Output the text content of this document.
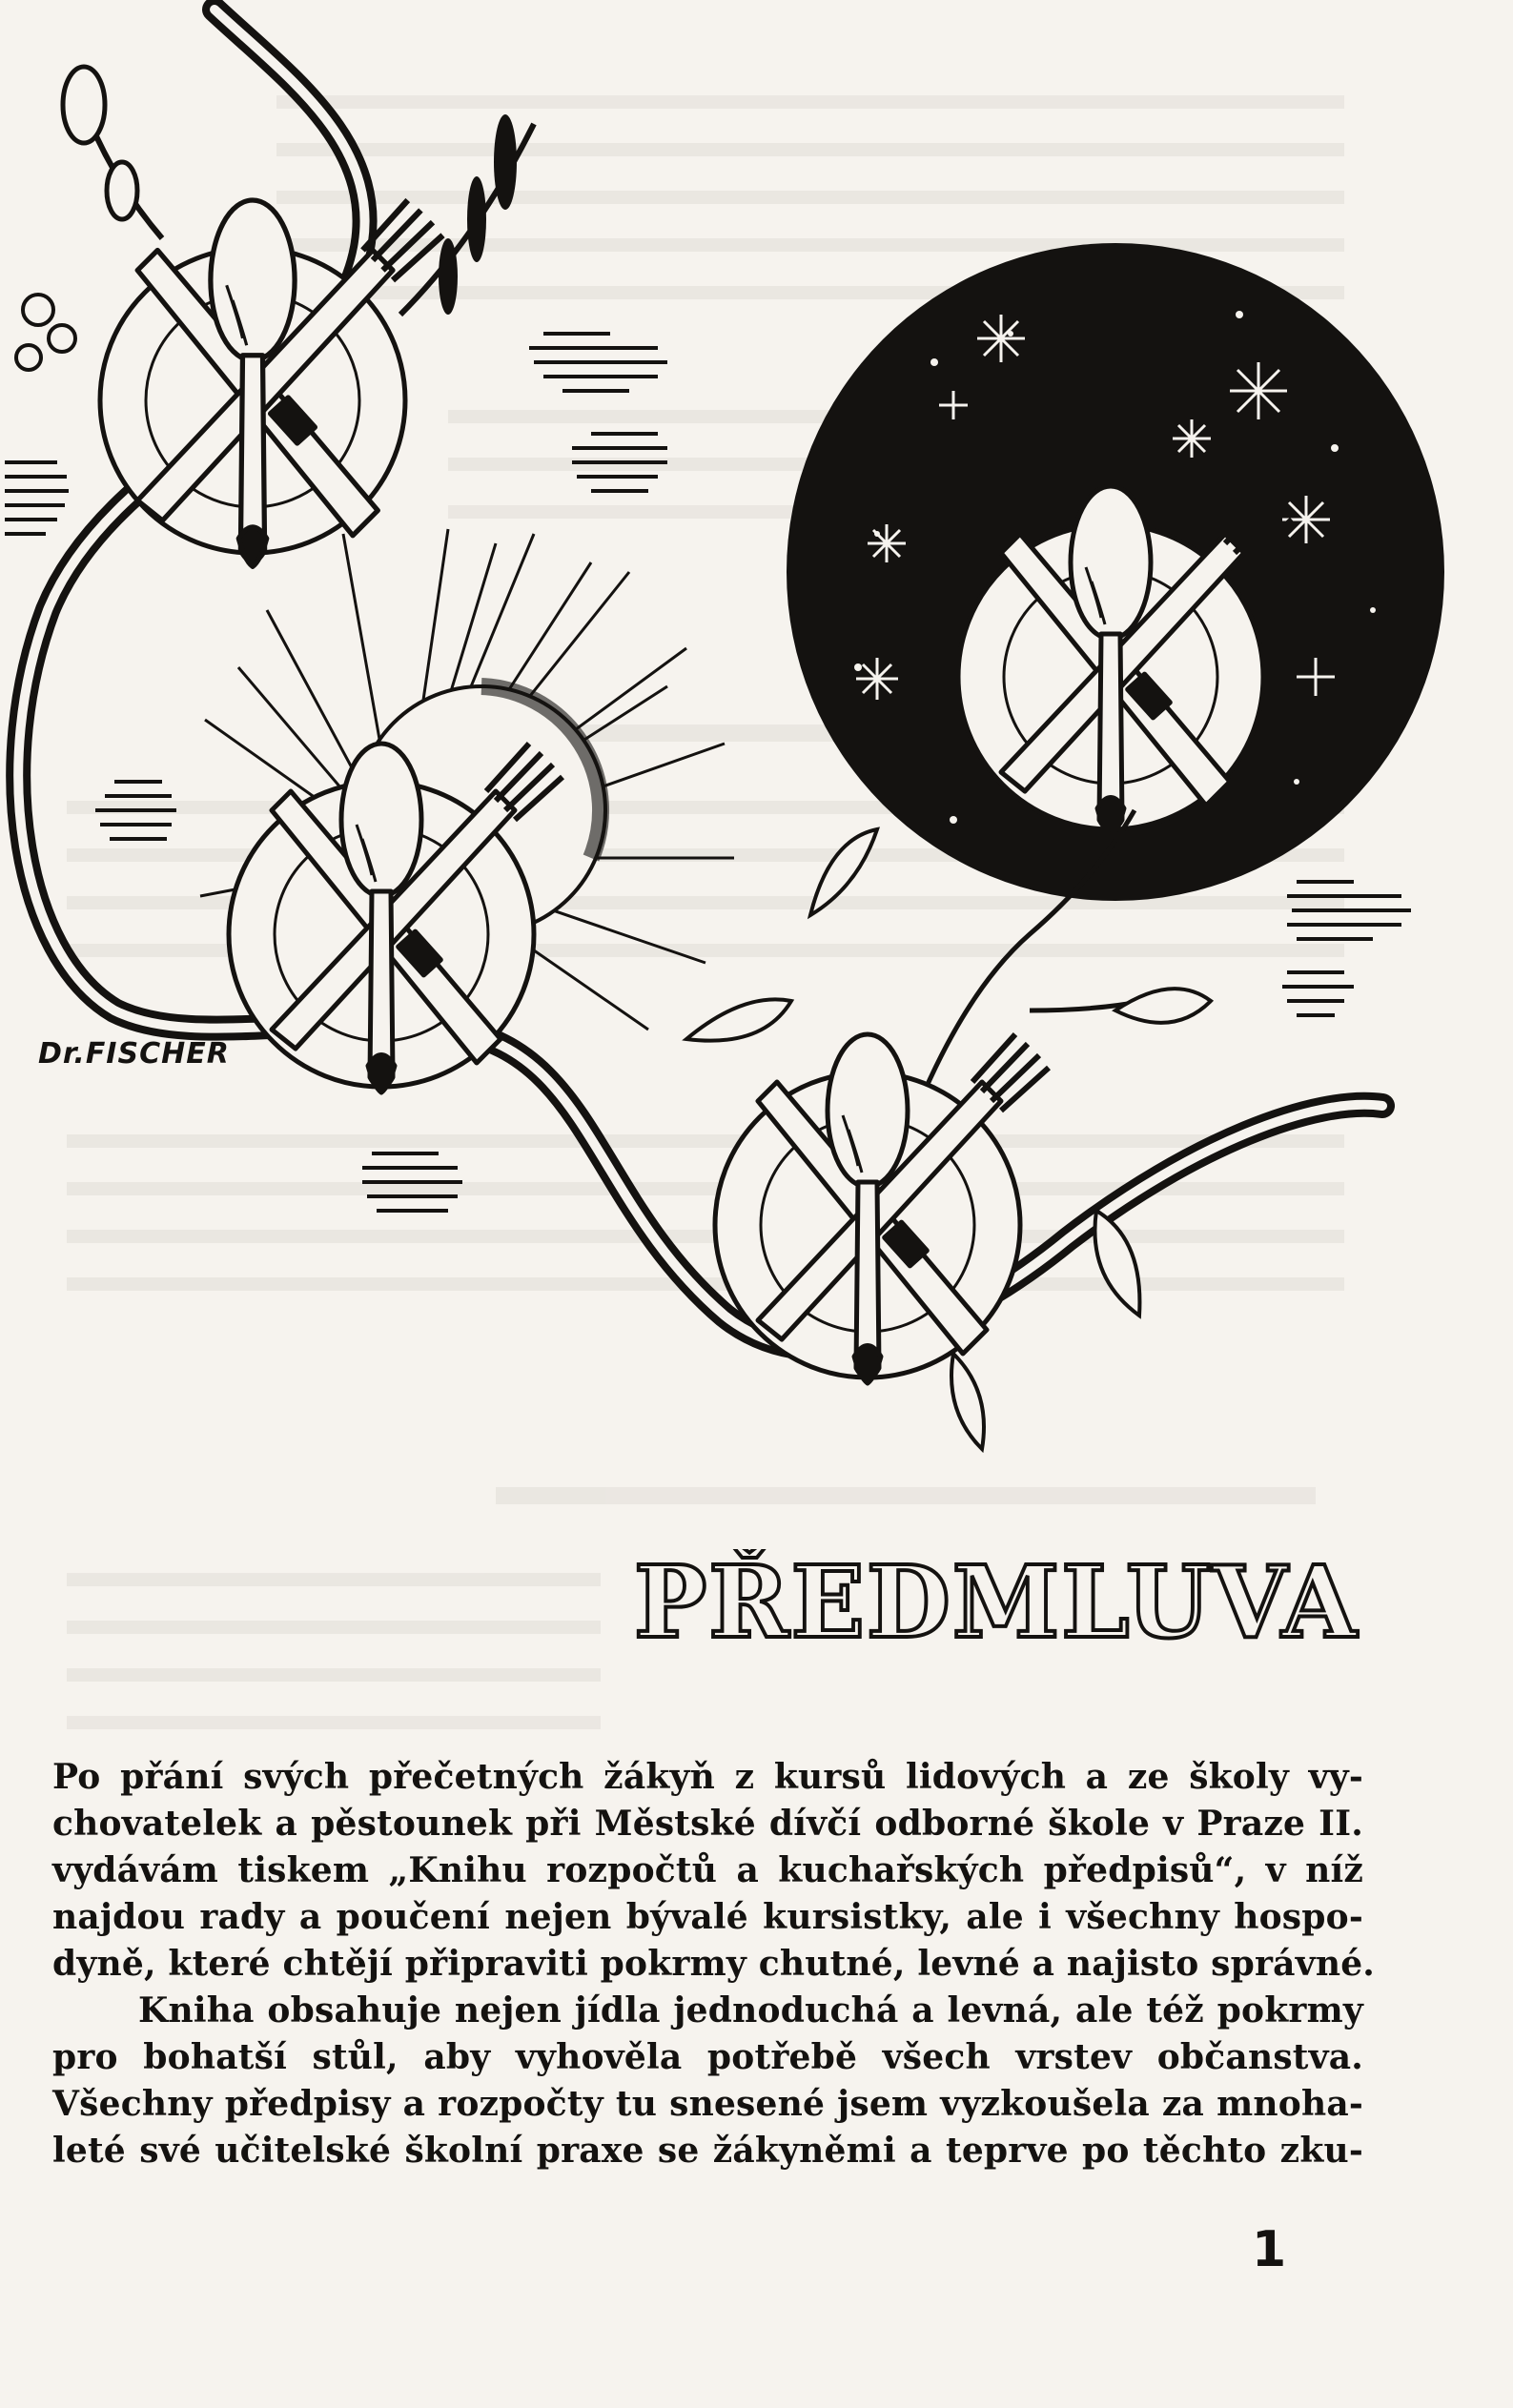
Dr.FISCHER
PŘEDMLUVA
Po přání svých přečetných žákyň z kursů lidových a ze školy vy-
chovatelek a pěstounek při Městské dívčí odborné škole v Praze II.
vydávám tiskem „Knihu rozpočtů a kuchařských předpisů“, v níž
najdou rady a poučení nejen bývalé kursistky, ale i všechny hospo-
dyně, které chtějí připraviti pokrmy chutné, levné a najisto správné.
Kniha obsahuje nejen jídla jednoduchá a levná, ale též pokrmy
pro bohatší stůl, aby vyhověla potřebě všech vrstev občanstva.
Všechny předpisy a rozpočty tu snesené jsem vyzkoušela za mnoha-
leté své učitelské školní praxe se žákyněmi a teprve po těchto zku-
1
